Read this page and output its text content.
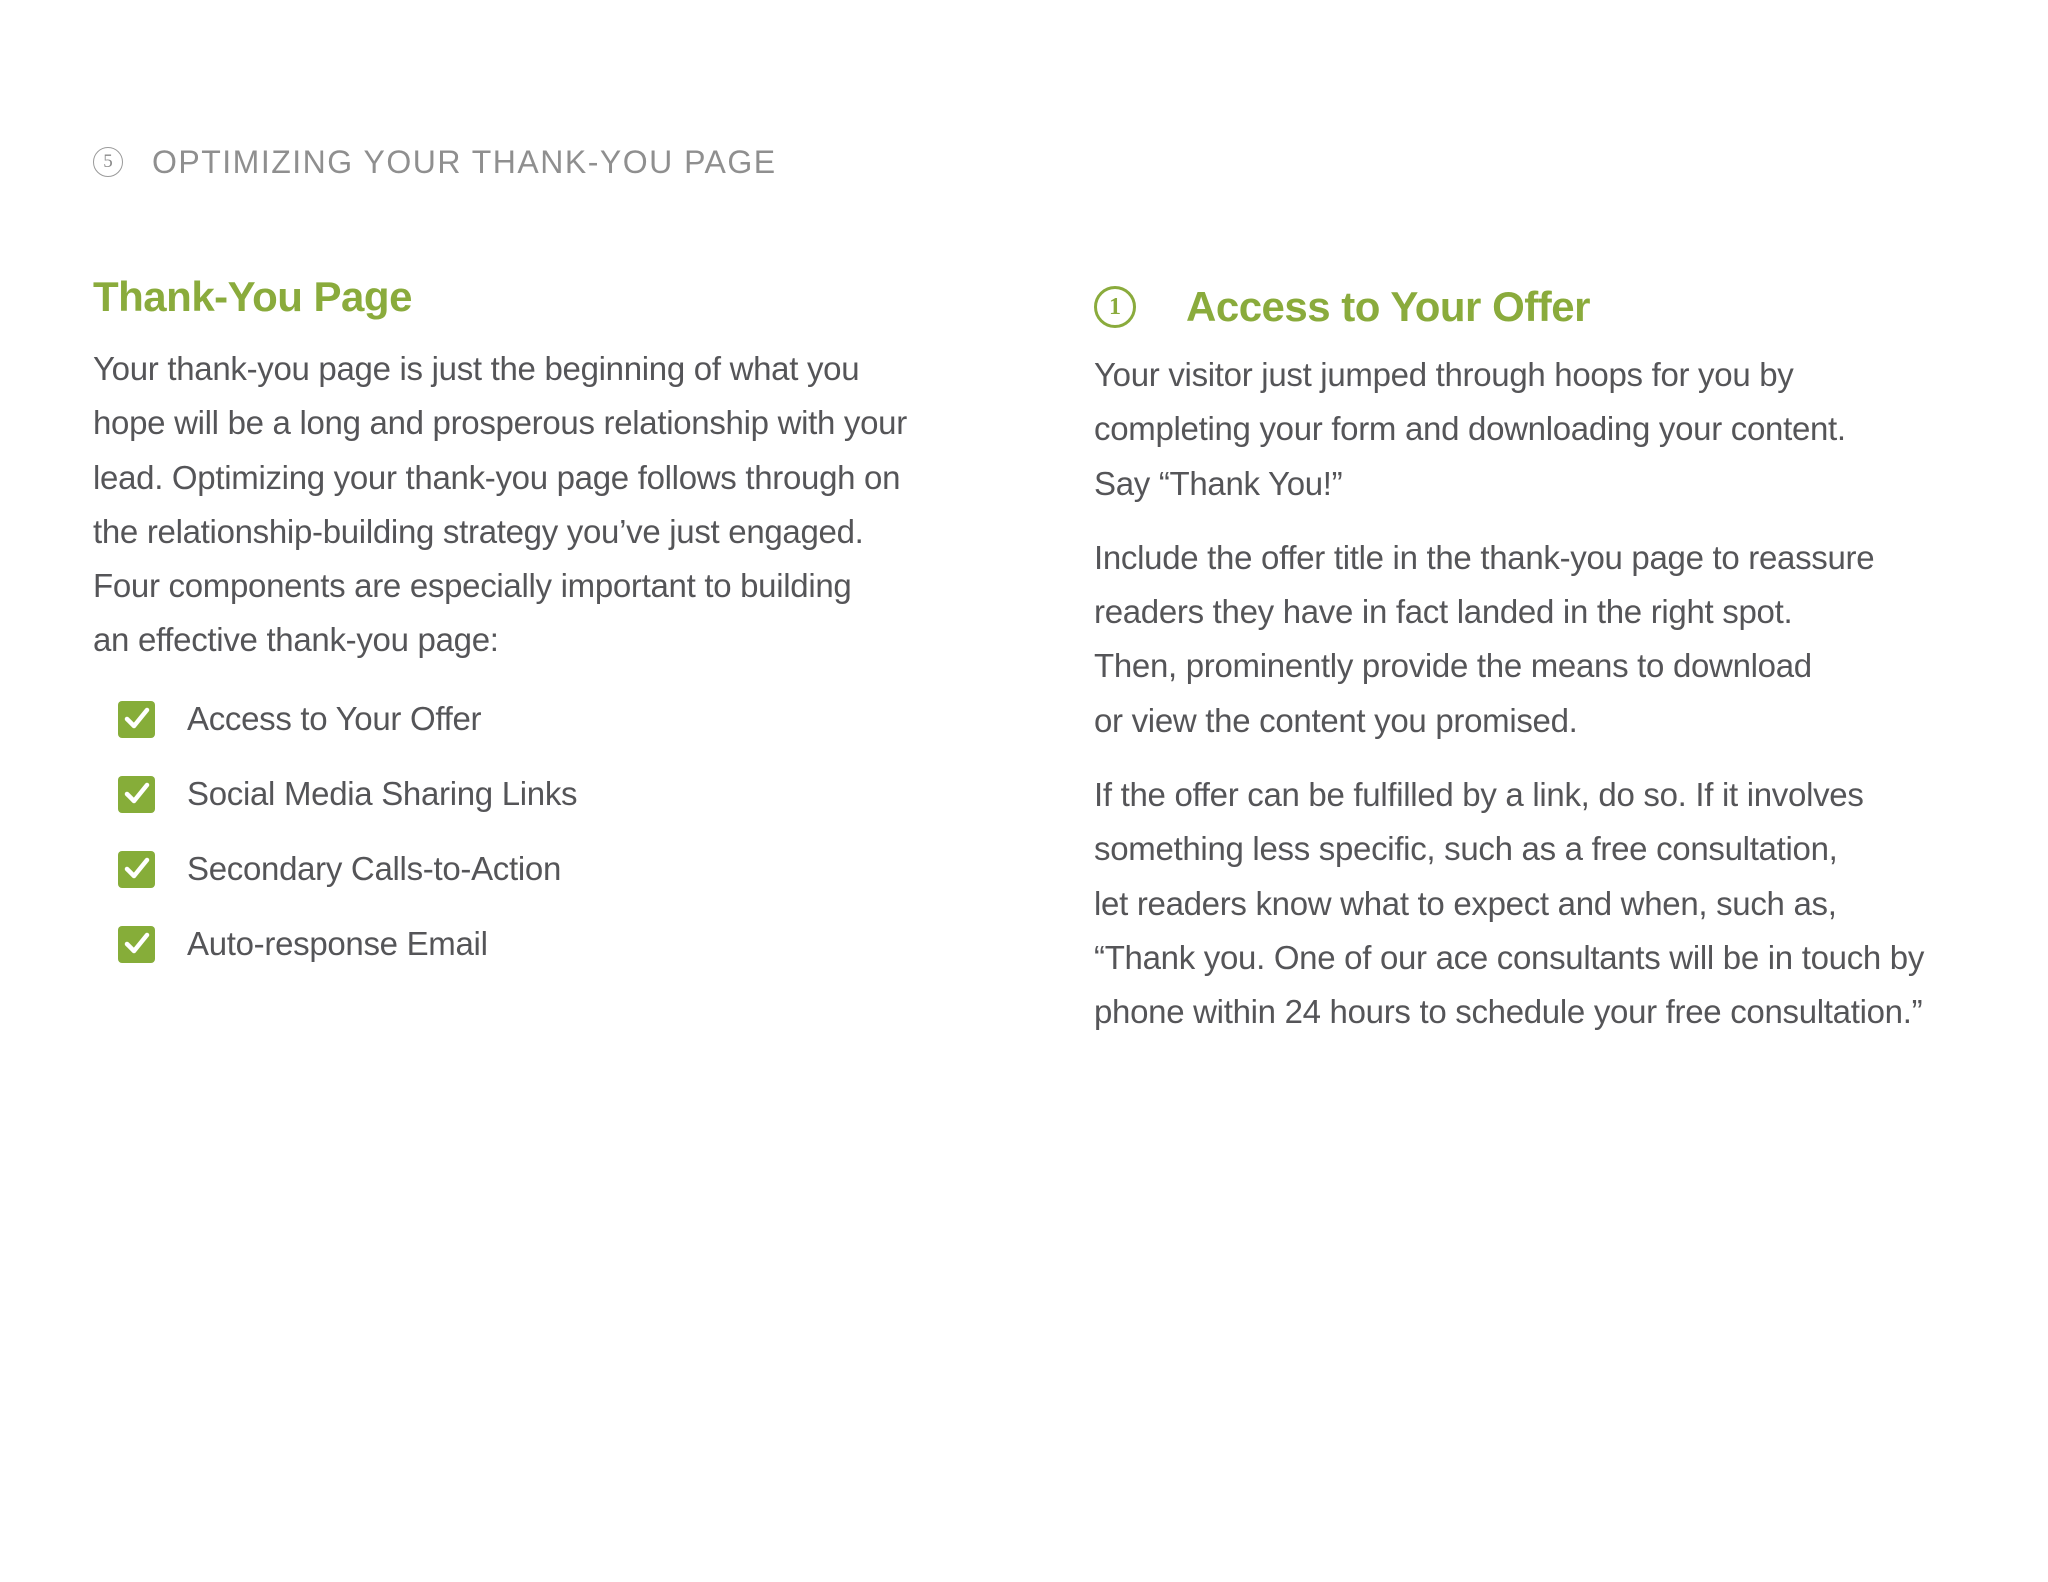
5	OPTIMIZING YOUR THANK-YOU PAGE
Thank-You Page

Your thank-you page is just the beginning of what you
hope will be a long and prosperous relationship with your
lead. Optimizing your thank-you page follows through on
the relationship-building strategy you’ve just engaged.
Four components are especially important to building
an effective thank-you page:

Access to Your Offer
Social Media Sharing Links
Secondary Calls-to-Action
Auto-response Email
1	Access to Your Offer

Your visitor just jumped through hoops for you by
completing your form and downloading your content.
Say “Thank You!”

Include the offer title in the thank-you page to reassure
readers they have in fact landed in the right spot.
Then, prominently provide the means to download
or view the content you promised.

If the offer can be fulfilled by a link, do so. If it involves
something less specific, such as a free consultation,
let readers know what to expect and when, such as,
“Thank you. One of our ace consultants will be in touch by
phone within 24 hours to schedule your free consultation.”
